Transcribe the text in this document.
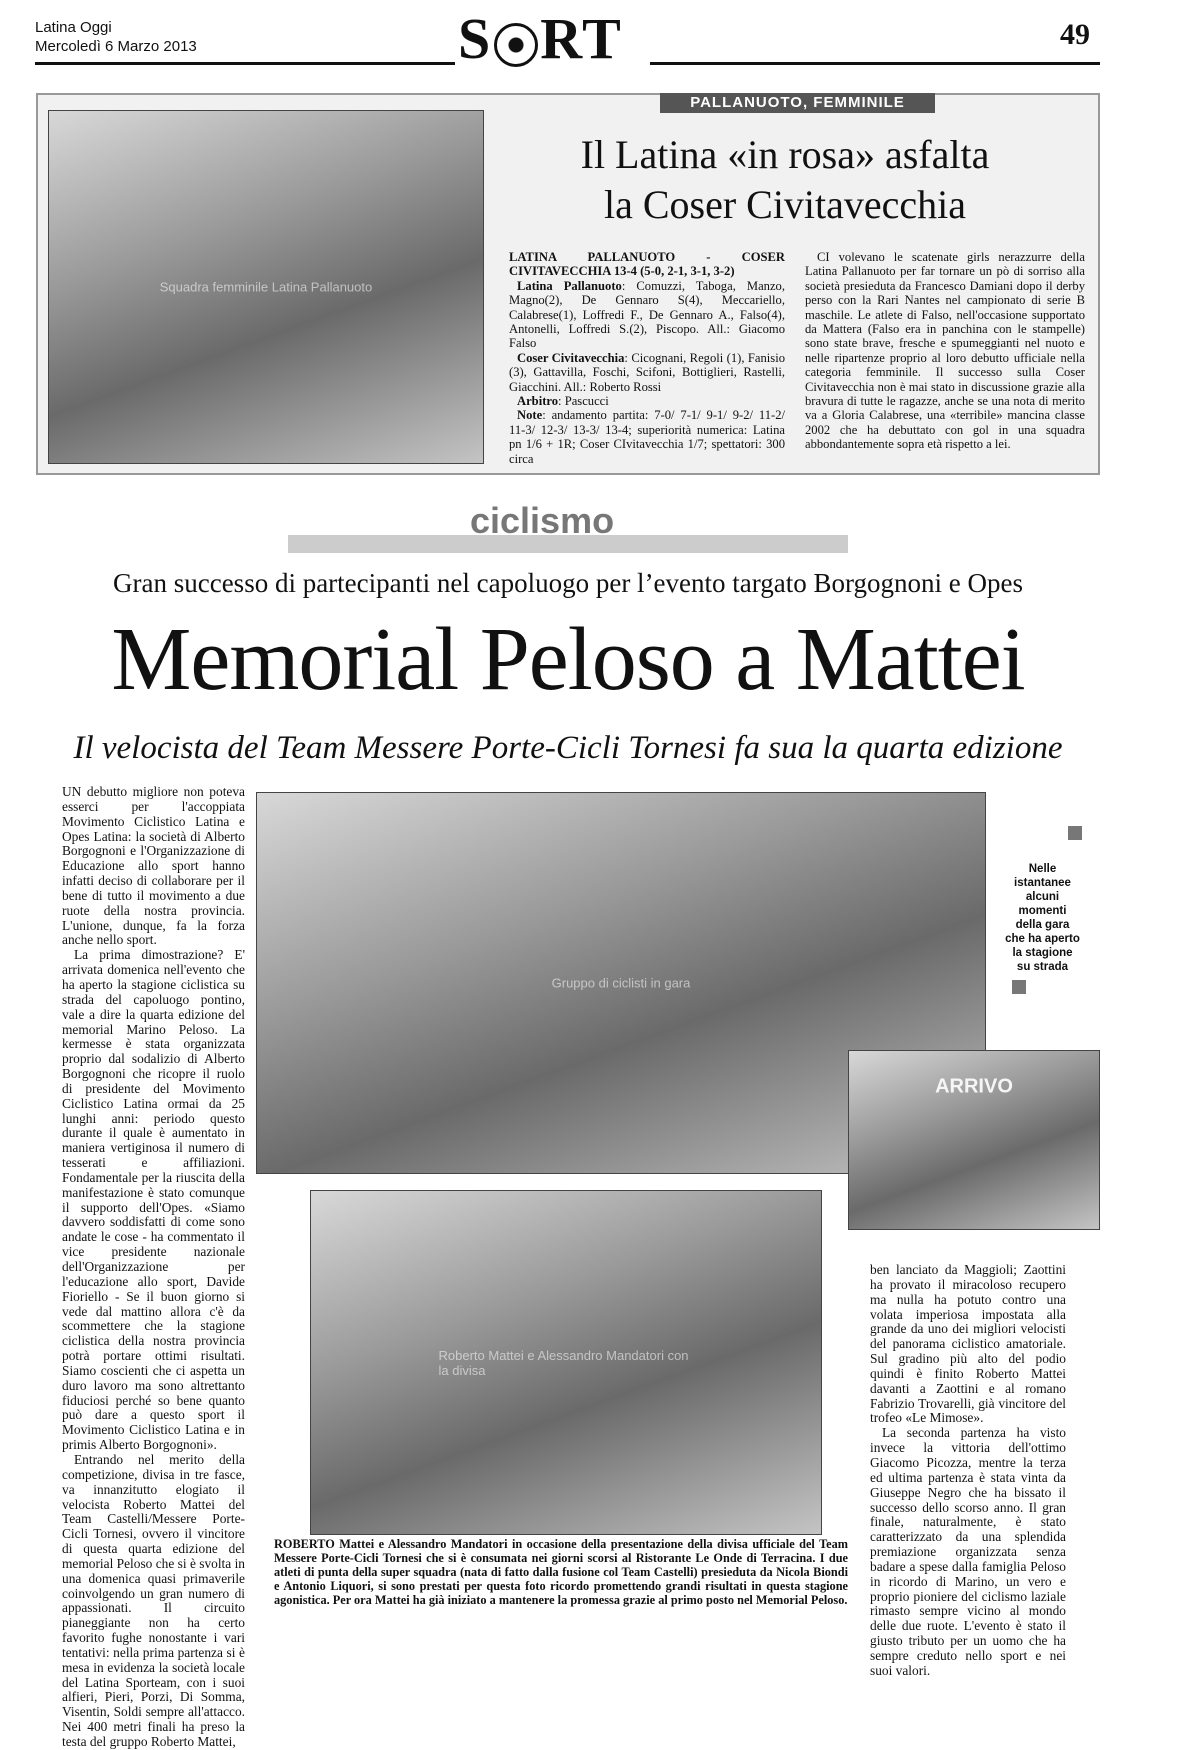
Latina Oggi
Mercoledì 6 Marzo 2013	S RT	49
Squadra femminile Latina Pallanuoto
PALLANUOTO, FEMMINILE
Il Latina «in rosa» asfalta
la Coser Civitavecchia
LATINA PALLANUOTO - COSER CIVITAVECCHIA 13-4 (5-0, 2-1, 3-1, 3-2)
Latina Pallanuoto: Comuzzi, Taboga, Manzo, Magno(2), De Gennaro S(4), Meccariello, Calabrese(1), Loffredi F., De Gennaro A., Falso(4), Antonelli, Loffredi S.(2), Piscopo. All.: Giacomo Falso
Coser Civitavecchia: Cicognani, Regoli (1), Fanisio (3), Gattavilla, Foschi, Scifoni, Bottiglieri, Rastelli, Giacchini. All.: Roberto Rossi
Arbitro: Pascucci
Note: andamento partita: 7-0/ 7-1/ 9-1/ 9-2/ 11-2/ 11-3/ 12-3/ 13-3/ 13-4; superiorità numerica: Latina pn 1/6 + 1R; Coser CIvitavecchia 1/7; spettatori: 300 circa
CI volevano le scatenate girls nerazzurre della Latina Pallanuoto per far tornare un pò di sorriso alla società presieduta da Francesco Damiani dopo il derby perso con la Rari Nantes nel campionato di serie B maschile. Le atlete di Falso, nell'occasione supportato da Mattera (Falso era in panchina con le stampelle) sono state brave, fresche e spumeggianti nel nuoto e nelle ripartenze proprio al loro debutto ufficiale nella categoria femminile. Il successo sulla Coser Civitavecchia non è mai stato in discussione grazie alla bravura di tutte le ragazze, anche se una nota di merito va a Gloria Calabrese, una «terribile» mancina classe 2002 che ha debuttato con gol in una squadra abbondantemente sopra età rispetto a lei.
ciclismo
Gran successo di partecipanti nel capoluogo per l’evento targato Borgognoni e Opes
Memorial Peloso a Mattei
Il velocista del Team Messere Porte-Cicli Tornesi fa sua la quarta edizione

UN debutto migliore non poteva esserci per l'accoppiata Movimento Ciclistico Latina e Opes Latina: la società di Alberto Borgognoni e l'Organizzazione di Educazione allo sport hanno infatti deciso di collaborare per il bene di tutto il movimento a due ruote della nostra provincia. L'unione, dunque, fa la forza anche nello sport.

La prima dimostrazione? E' arrivata domenica nell'evento che ha aperto la stagione ciclistica su strada del capoluogo pontino, vale a dire la quarta edizione del memorial Marino Peloso. La kermesse è stata organizzata proprio dal sodalizio di Alberto Borgognoni che ricopre il ruolo di presidente del Movimento Ciclistico Latina ormai da 25 lunghi anni: periodo questo durante il quale è aumentato in maniera vertiginosa il numero di tesserati e affiliazioni. Fondamentale per la riuscita della manifestazione è stato comunque il supporto dell'Opes. «Siamo davvero soddisfatti di come sono andate le cose - ha commentato il vice presidente nazionale dell'Organizzazione per l'educazione allo sport, Davide Fioriello - Se il buon giorno si vede dal mattino allora c'è da scommettere che la stagione ciclistica della nostra provincia potrà portare ottimi risultati. Siamo coscienti che ci aspetta un duro lavoro ma sono altrettanto fiduciosi perché so bene quanto può dare a questo sport il Movimento Ciclistico Latina e in primis Alberto Borgognoni».

Entrando nel merito della competizione, divisa in tre fasce, va innanzitutto elogiato il velocista Roberto Mattei del Team Castelli/Messere Porte-Cicli Tornesi, ovvero il vincitore di questa quarta edizione del memorial Peloso che si è svolta in una domenica quasi primaverile coinvolgendo un gran numero di appassionati. Il circuito pianeggiante non ha certo favorito fughe nonostante i vari tentativi: nella prima partenza si è mesa in evidenza la società locale del Latina Sporteam, con i suoi alfieri, Pieri, Porzi, Di Somma, Visentin, Soldi sempre all'attacco. Nei 400 metri finali ha preso la testa del gruppo Roberto Mattei,

Gruppo di ciclisti in gara
Nelle istantanee alcuni momenti della gara che ha aperto la stagione su strada
ARRIVO
Roberto Mattei e Alessandro Mandatori con la divisa
ROBERTO Mattei e Alessandro Mandatori in occasione della presentazione della divisa ufficiale del Team Messere Porte-Cicli Tornesi che si è consumata nei giorni scorsi al Ristorante Le Onde di Terracina. I due atleti di punta della super squadra (nata di fatto dalla fusione col Team Castelli) presieduta da Nicola Biondi e Antonio Liquori, si sono prestati per questa foto ricordo promettendo grandi risultati in questa stagione agonistica. Per ora Mattei ha già iniziato a mantenere la promessa grazie al primo posto nel Memorial Peloso.

ben lanciato da Maggioli; Zaottini ha provato il miracoloso recupero ma nulla ha potuto contro una volata imperiosa impostata alla grande da uno dei migliori velocisti del panorama ciclistico amatoriale. Sul gradino più alto del podio quindi è finito Roberto Mattei davanti a Zaottini e al romano Fabrizio Trovarelli, già vincitore del trofeo «Le Mimose».

La seconda partenza ha visto invece la vittoria dell'ottimo Giacomo Picozza, mentre la terza ed ultima partenza è stata vinta da Giuseppe Negro che ha bissato il successo dello scorso anno. Il gran finale, naturalmente, è stato caratterizzato da una splendida premiazione organizzata senza badare a spese dalla famiglia Peloso in ricordo di Marino, un vero e proprio pioniere del ciclismo laziale rimasto sempre vicino al mondo delle due ruote. L'evento è stato il giusto tributo per un uomo che ha sempre creduto nello sport e nei suoi valori.
